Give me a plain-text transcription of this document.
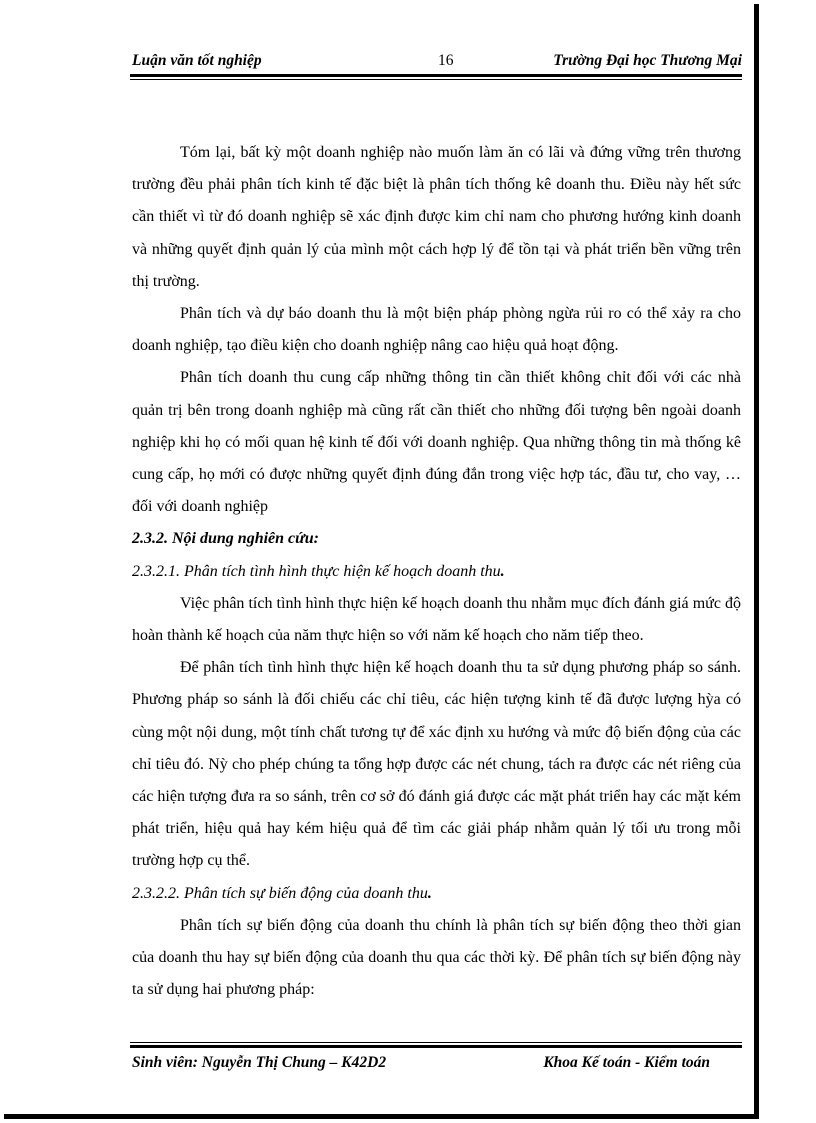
Luận văn tốt nghiệp	16	Trường Đại học Thương Mại

Tóm lại, bất kỳ một doanh nghiệp nào muốn làm ăn có lãi và đứng vững trên thương trường đều phải phân tích kinh tế đặc biệt là phân tích thống kê doanh thu. Điều này hết sức cần thiết vì từ đó doanh nghiệp sẽ xác định được kim chỉ nam cho phương hướng kinh doanh và những quyết định quản lý của mình một cách hợp lý để tồn tại và phát triển bền vững trên thị trường.

Phân tích và dự báo doanh thu là một biện pháp phòng ngừa rủi ro có thể xảy ra cho doanh nghiệp, tạo điều kiện cho doanh nghiệp nâng cao hiệu quả hoạt động.

Phân tích doanh thu cung cấp những thông tin cần thiết không chỉt đối với các nhà quản trị bên trong doanh nghiệp mà cũng rất cần thiết cho những đối tượng bên ngoài doanh nghiệp khi họ có mối quan hệ kinh tế đối với doanh nghiệp. Qua những thông tin mà thống kê cung cấp, họ mới có được những quyết định đúng đắn trong việc hợp tác, đầu tư, cho vay, … đối với doanh nghiệp

2.3.2. Nội dung nghiên cứu:

2.3.2.1. Phân tích tình hình thực hiện kế hoạch doanh thu.

Việc phân tích tình hình thực hiện kế hoạch doanh thu nhằm mục đích đánh giá mức độ hoàn thành kế hoạch của năm thực hiện so với năm kế hoạch cho năm tiếp theo.

Để phân tích tình hình thực hiện kế hoạch doanh thu ta sử dụng phương pháp so sánh. Phương pháp so sánh là đối chiếu các chỉ tiêu, các hiện tượng kinh tế đã được lượng hỳa có cùng một nội dung, một tính chất tương tự để xác định xu hướng và mức độ biến động của các chỉ tiêu đó. Nỳ cho phép chúng ta tổng hợp được các nét chung, tách ra được các nét riêng của các hiện tượng đưa ra so sánh, trên cơ sở đó đánh giá được các mặt phát triển hay các mặt kém phát triển, hiệu quả hay kém hiệu quả để tìm các giải pháp nhằm quản lý tối ưu trong mỗi trường hợp cụ thể.

2.3.2.2. Phân tích sự biến động của doanh thu.

Phân tích sự biến động của doanh thu chính là phân tích sự biến động theo thời gian của doanh thu hay sự biến động của doanh thu qua các thời kỳ. Để phân tích sự biến động này ta sử dụng hai phương pháp:

Sinh viên: Nguyễn Thị Chung – K42D2	Khoa Kế toán - Kiểm toán
